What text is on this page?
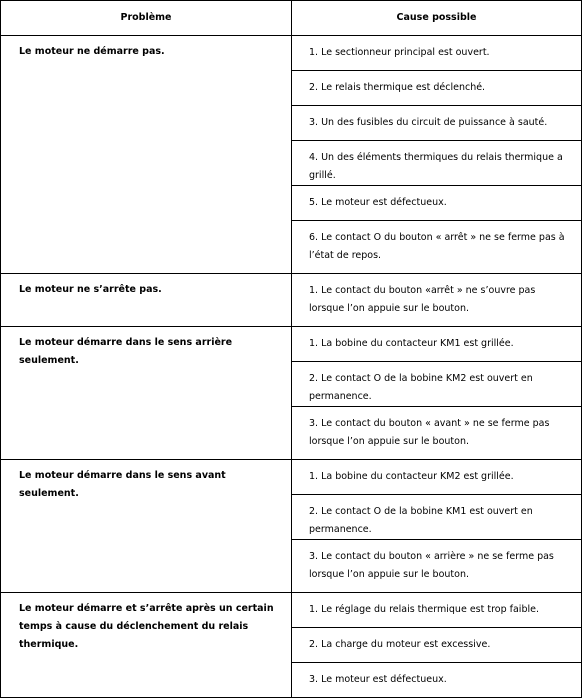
Problème	Cause possible
Le moteur ne démarre pas.	1. Le sectionneur principal est ouvert.
	2. Le relais thermique est déclenché.
	3. Un des fusibles du circuit de puissance à sauté.
	4. Un des éléments thermiques du relais thermique a grillé.
	5. Le moteur est défectueux.
	6. Le contact O du bouton « arrêt » ne se ferme pas à l’état de repos.
Le moteur ne s’arrête pas.	1. Le contact du bouton «arrêt » ne s’ouvre pas lorsque l’on appuie sur le bouton.
Le moteur démarre dans le sens arrière seulement.	1. La bobine du contacteur KM1 est grillée.
	2. Le contact O de la bobine KM2 est ouvert en permanence.
	3. Le contact du bouton « avant » ne se ferme pas lorsque l’on appuie sur le bouton.
Le moteur démarre dans le sens avant seulement.	1. La bobine du contacteur KM2 est grillée.
	2. Le contact O de la bobine KM1 est ouvert en permanence.
	3. Le contact du bouton « arrière » ne se ferme pas lorsque l’on appuie sur le bouton.
Le moteur démarre et s’arrête après un certain temps à cause du déclenchement du relais thermique.	1. Le réglage du relais thermique est trop faible.
	2. La charge du moteur est excessive.
	3. Le moteur est défectueux.
